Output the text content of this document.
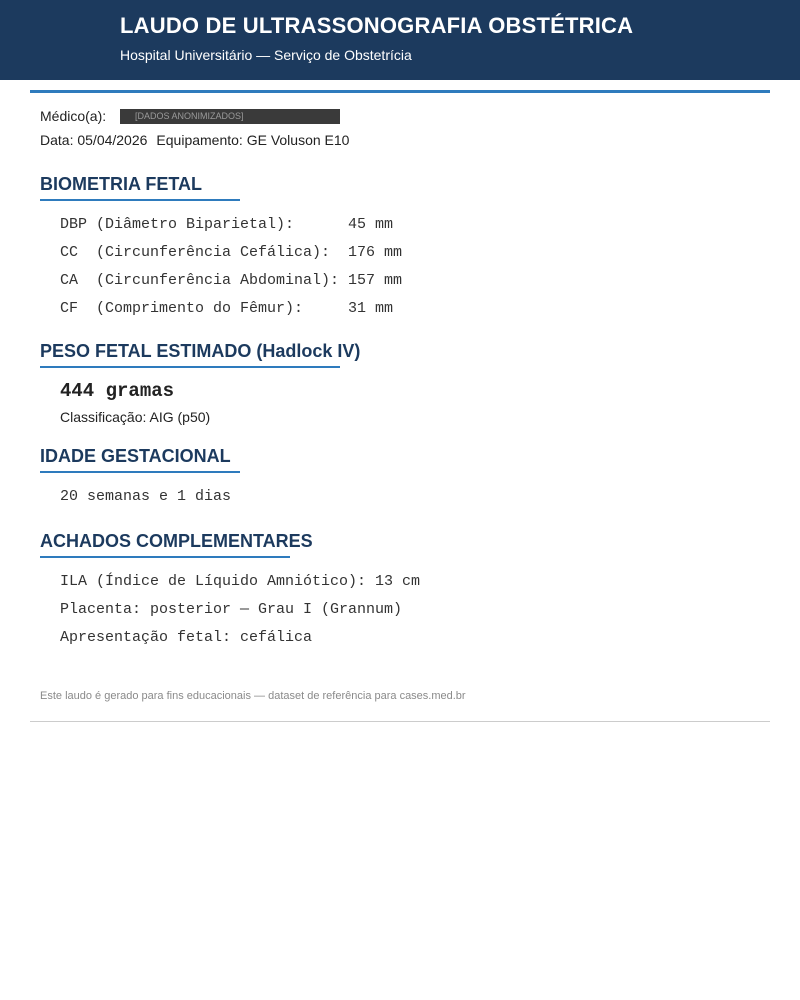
LAUDO DE ULTRASSONOGRAFIA OBSTÉTRICA
Hospital Universitário — Serviço de Obstetrícia
Médico(a):	[DADOS ANONIMIZADOS]
Data: 05/04/2026 Equipamento: GE Voluson E10
BIOMETRIA FETAL
DBP (Diâmetro Biparietal):      45 mm
CC  (Circunferência Cefálica):  176 mm
CA  (Circunferência Abdominal): 157 mm
CF  (Comprimento do Fêmur):     31 mm
PESO FETAL ESTIMADO (Hadlock IV)
444 gramas
Classificação: AIG (p50)
IDADE GESTACIONAL
20 semanas e 1 dias
ACHADOS COMPLEMENTARES
ILA (Índice de Líquido Amniótico): 13 cm
Placenta: posterior — Grau I (Grannum)
Apresentação fetal: cefálica
Este laudo é gerado para fins educacionais — dataset de referência para cases.med.br
